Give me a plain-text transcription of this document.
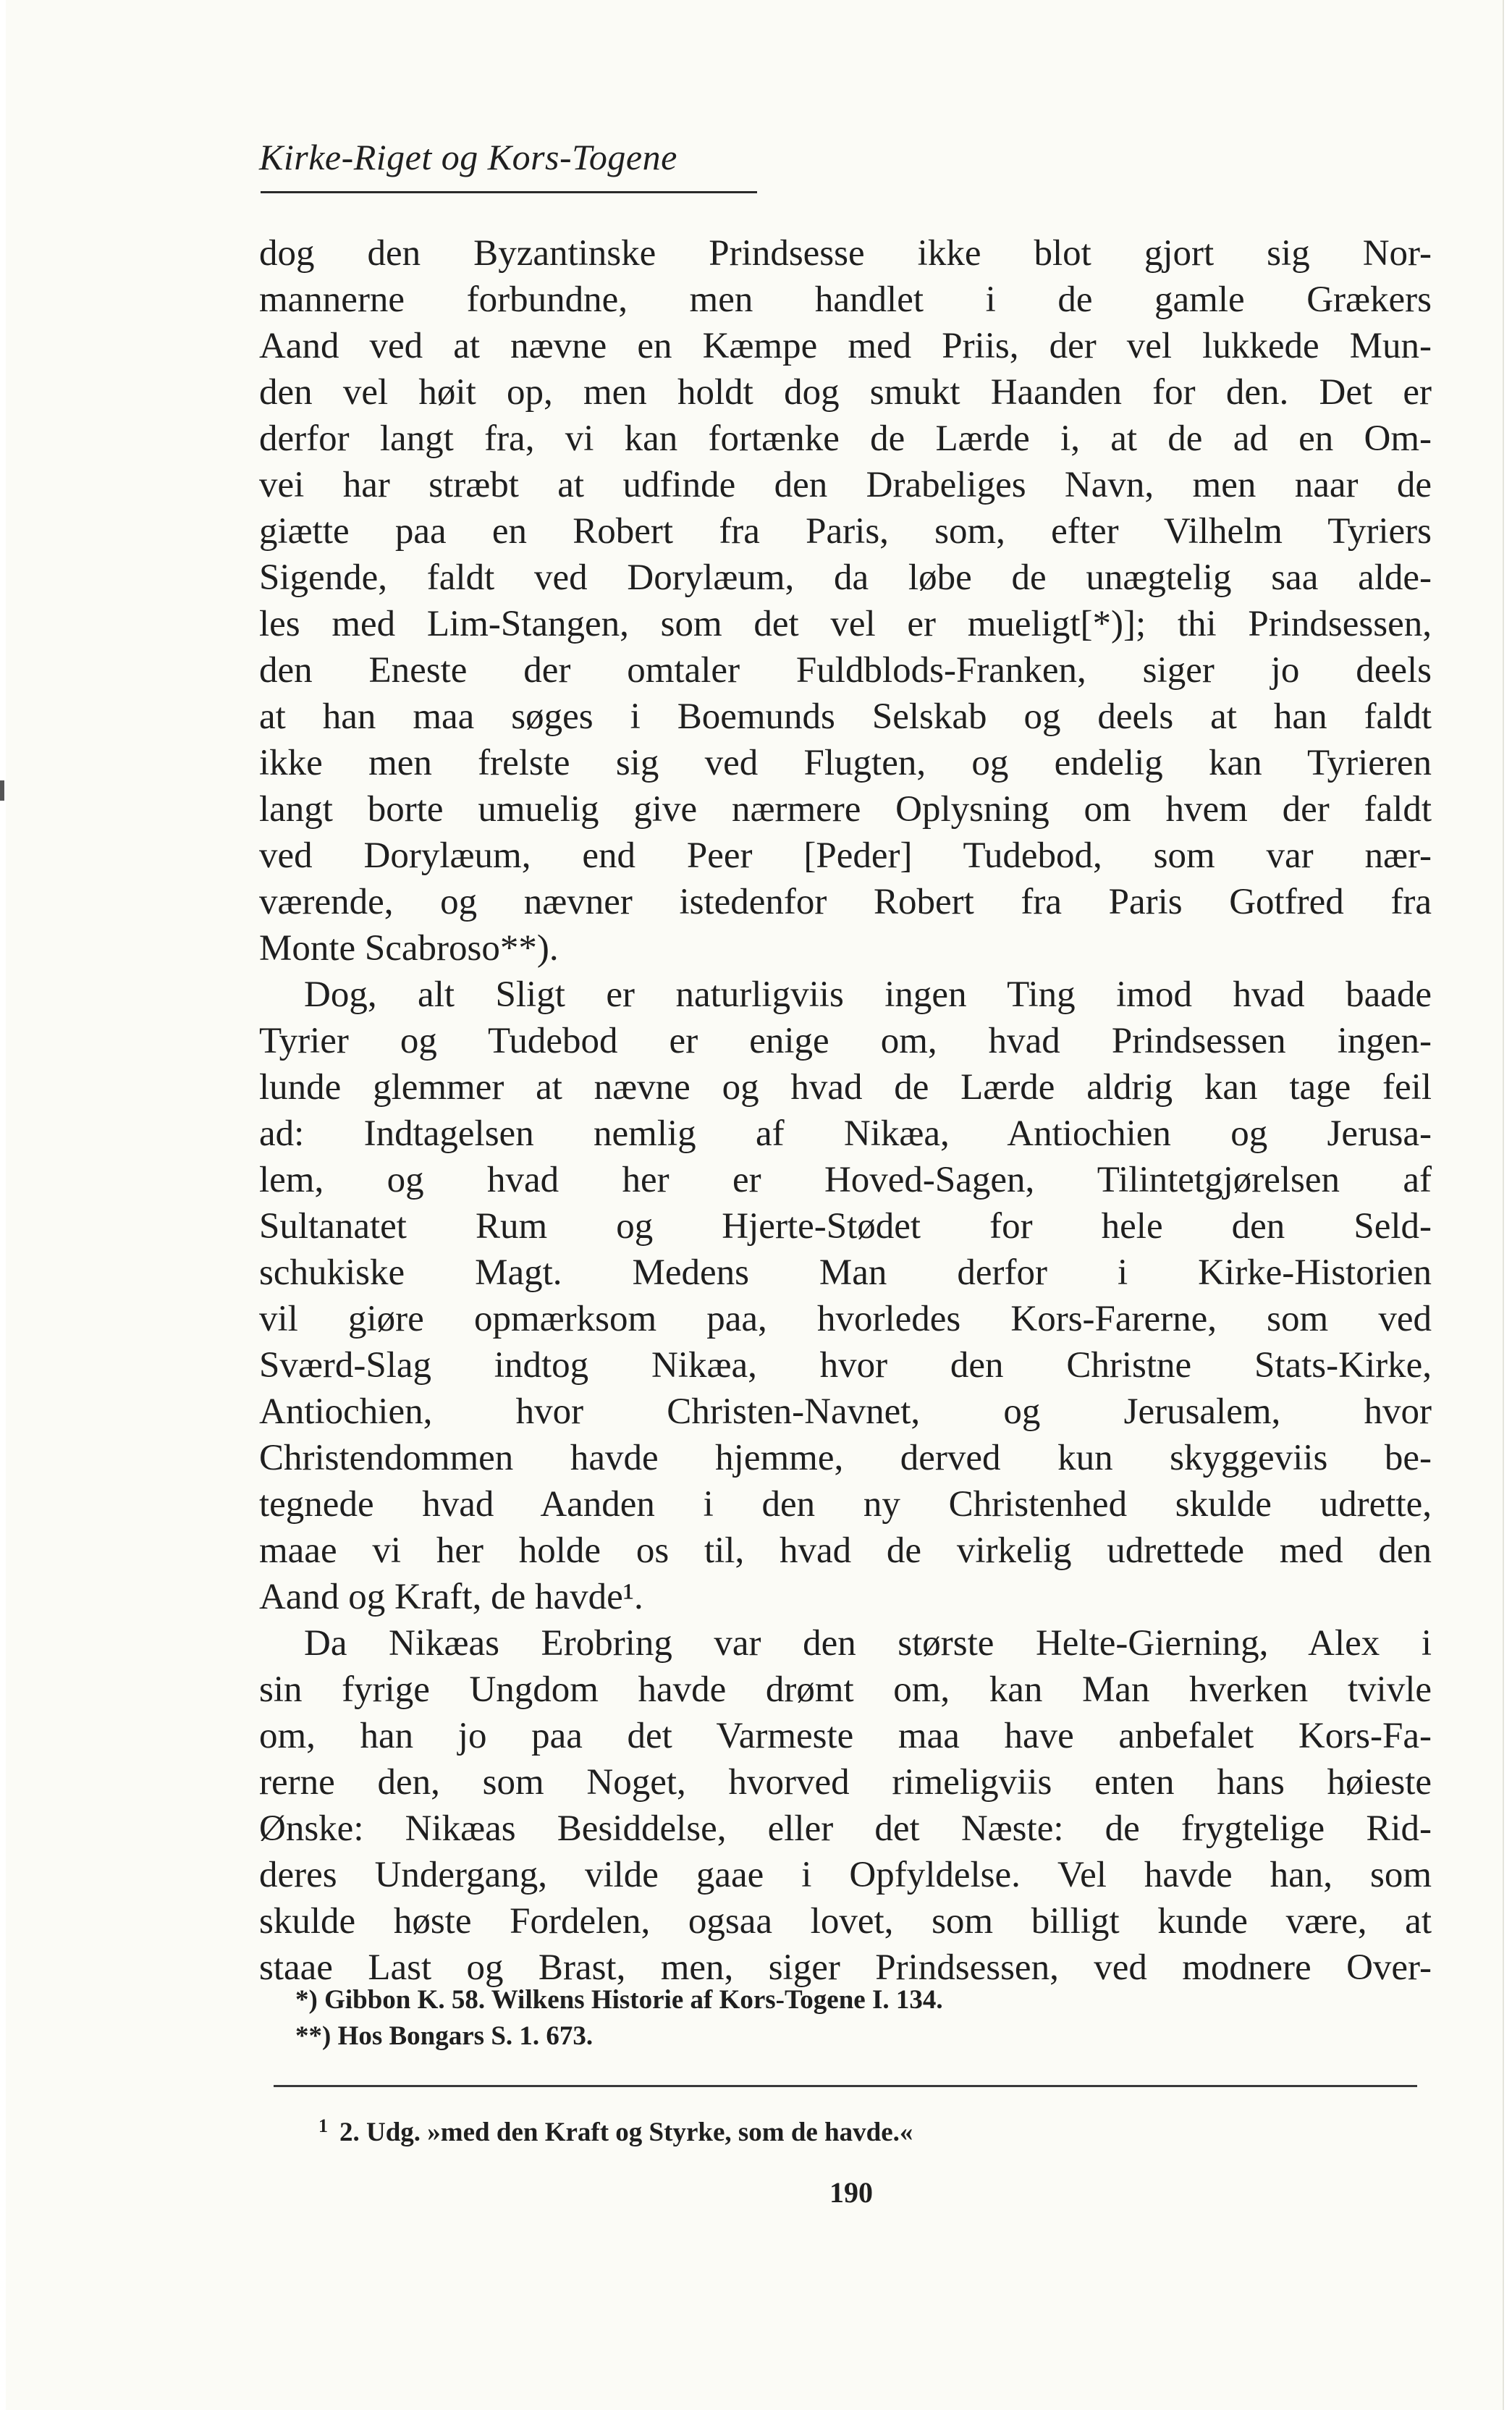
Kirke-Riget og Kors-Togene
dog den Byzantinske Prindsesse ikke blot gjort sig Nor-
mannerne forbundne, men handlet i de gamle Grækers
Aand ved at nævne en Kæmpe med Priis, der vel lukkede Mun-
den vel høit op, men holdt dog smukt Haanden for den. Det er
derfor langt fra, vi kan fortænke de Lærde i, at de ad en Om-
vei har stræbt at udfinde den Drabeliges Navn, men naar de
giætte paa en Robert fra Paris, som, efter Vilhelm Tyriers
Sigende, faldt ved Dorylæum, da løbe de unægtelig saa alde-
les med Lim-Stangen, som det vel er mueligt[*)]; thi Prindsessen,
den Eneste der omtaler Fuldblods-Franken, siger jo deels
at han maa søges i Boemunds Selskab og deels at han faldt
ikke men frelste sig ved Flugten, og endelig kan Tyrieren
langt borte umuelig give nærmere Oplysning om hvem der faldt
ved Dorylæum, end Peer [Peder] Tudebod, som var nær-
værende, og nævner istedenfor Robert fra Paris Gotfred fra
Monte Scabroso**).
Dog, alt Sligt er naturligviis ingen Ting imod hvad baade
Tyrier og Tudebod er enige om, hvad Prindsessen ingen-
lunde glemmer at nævne og hvad de Lærde aldrig kan tage feil
ad: Indtagelsen nemlig af Nikæa, Antiochien og Jerusa-
lem, og hvad her er Hoved-Sagen, Tilintetgjørelsen af
Sultanatet Rum og Hjerte-Stødet for hele den Seld-
schukiske Magt. Medens Man derfor i Kirke-Historien
vil giøre opmærksom paa, hvorledes Kors-Farerne, som ved
Sværd-Slag indtog Nikæa, hvor den Christne Stats-Kirke,
Antiochien, hvor Christen-Navnet, og Jerusalem, hvor
Christendommen havde hjemme, derved kun skyggeviis be-
tegnede hvad Aanden i den ny Christenhed skulde udrette,
maae vi her holde os til, hvad de virkelig udrettede med den
Aand og Kraft, de havde¹.
Da Nikæas Erobring var den største Helte-Gierning, Alex i
sin fyrige Ungdom havde drømt om, kan Man hverken tvivle
om, han jo paa det Varmeste maa have anbefalet Kors-Fa-
rerne den, som Noget, hvorved rimeligviis enten hans høieste
Ønske: Nikæas Besiddelse, eller det Næste: de frygtelige Rid-
deres Undergang, vilde gaae i Opfyldelse. Vel havde han, som
skulde høste Fordelen, ogsaa lovet, som billigt kunde være, at
staae Last og Brast, men, siger Prindsessen, ved modnere Over-
*) Gibbon K. 58. Wilkens Historie af Kors-Togene I. 134.
**) Hos Bongars S. 1. 673.
$^1$ 2. Udg. »med den Kraft og Styrke, som de havde.«
190
